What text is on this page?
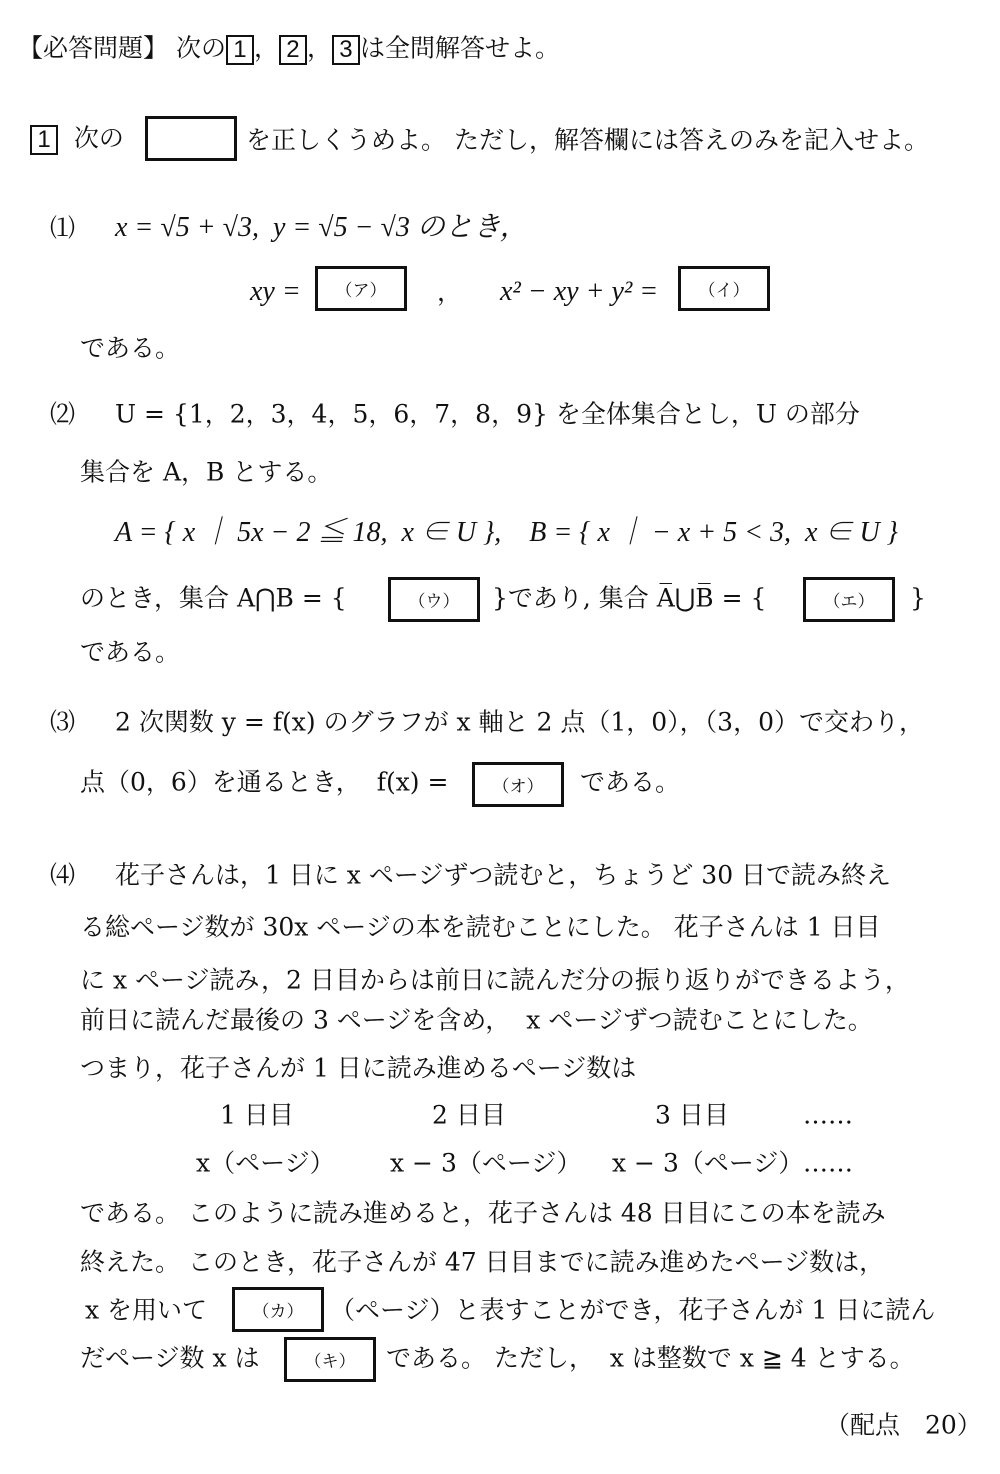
【必答問題】 次の 1 ， 2 ， 3 は全問解答せよ。
1 次の	を正しくうめよ。 ただし，解答欄には答えのみを記入せよ。
⑴ x = √5 + √3,  y = √5 − √3 のとき，
xy =	（ア）	， x² − xy + y² =	（イ）
である。
⑵ U = {1，2，3，4，5，6，7，8，9} を全体集合とし，U の部分
集合を A，B とする。
A = { x ｜ 5x − 2 ≦ 18,  x ∈ U },    B = { x ｜ − x + 5 < 3,  x ∈ U }
のとき，集合 A⋂B = {	（ウ）	}であり, 集合 A̅⋃B̅ = {	（エ）	}
である。
⑶ 2 次関数 y = f(x) のグラフが x 軸と 2 点（1，0），（3，0）で交わり，
点（0，6）を通るとき，  f(x) =	（オ）	である。
⑷ 花子さんは，1 日に x ページずつ読むと，ちょうど 30 日で読み終え
る総ページ数が 30x ページの本を読むことにした。 花子さんは 1 日目
に x ページ読み，2 日目からは前日に読んだ分の振り返りができるよう，
前日に読んだ最後の 3 ページを含め，  x ページずつ読むことにした。
つまり，花子さんが 1 日に読み進めるページ数は
1 日目	2 日目	3 日目	……
x（ページ） x − 3（ページ） x − 3（ページ） ……
である。 このように読み進めると，花子さんは 48 日目にこの本を読み
終えた。 このとき，花子さんが 47 日目までに読み進めたページ数は，
x を用いて	（カ）	（ページ）と表すことができ，花子さんが 1 日に読ん
だページ数 x は	（キ）	である。 ただし，  x は整数で x ≧ 4 とする。
（配点　20）
